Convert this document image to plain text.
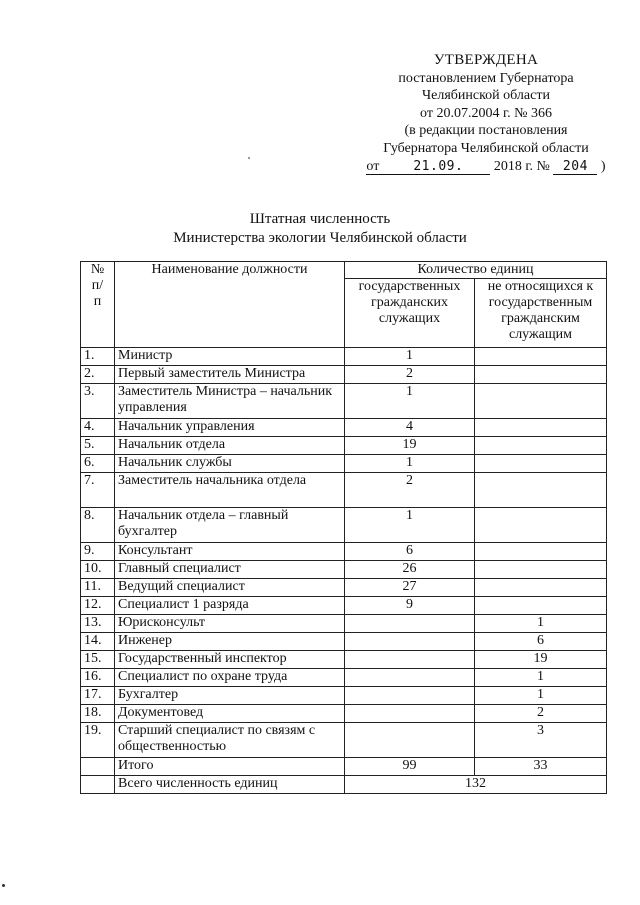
УТВЕРЖДЕНА
постановлением Губернатора
Челябинской области
от 20.07.2004 г. № 366
(в редакции постановления
Губернатора Челябинской области
от	21.09. 2018 г. № 204 )
Штатная численность
Министерства экологии Челябинской области
№ п/п	Наименование должности	Количество единиц	
		государственных гражданских служащих	не относящихся к государственным гражданским служащим
1.	Министр	1	
2.	Первый заместитель Министра	2	
3.	Заместитель Министра – начальник управления	1	
4.	Начальник управления	4	
5.	Начальник отдела	19	
6.	Начальник службы	1	
7.	Заместитель начальника отдела	2	
8.	Начальник отдела – главный бухгалтер	1	
9.	Консультант	6	
10.	Главный специалист	26	
11.	Ведущий специалист	27	
12.	Специалист 1 разряда	9	
13.	Юрисконсульт		1
14.	Инженер		6
15.	Государственный инспектор		19
16.	Специалист по охране труда		1
17.	Бухгалтер		1
18.	Документовед		2
19.	Старший специалист по связям с общественностью		3
	Итого	99	33
	Всего численность единиц	132	
